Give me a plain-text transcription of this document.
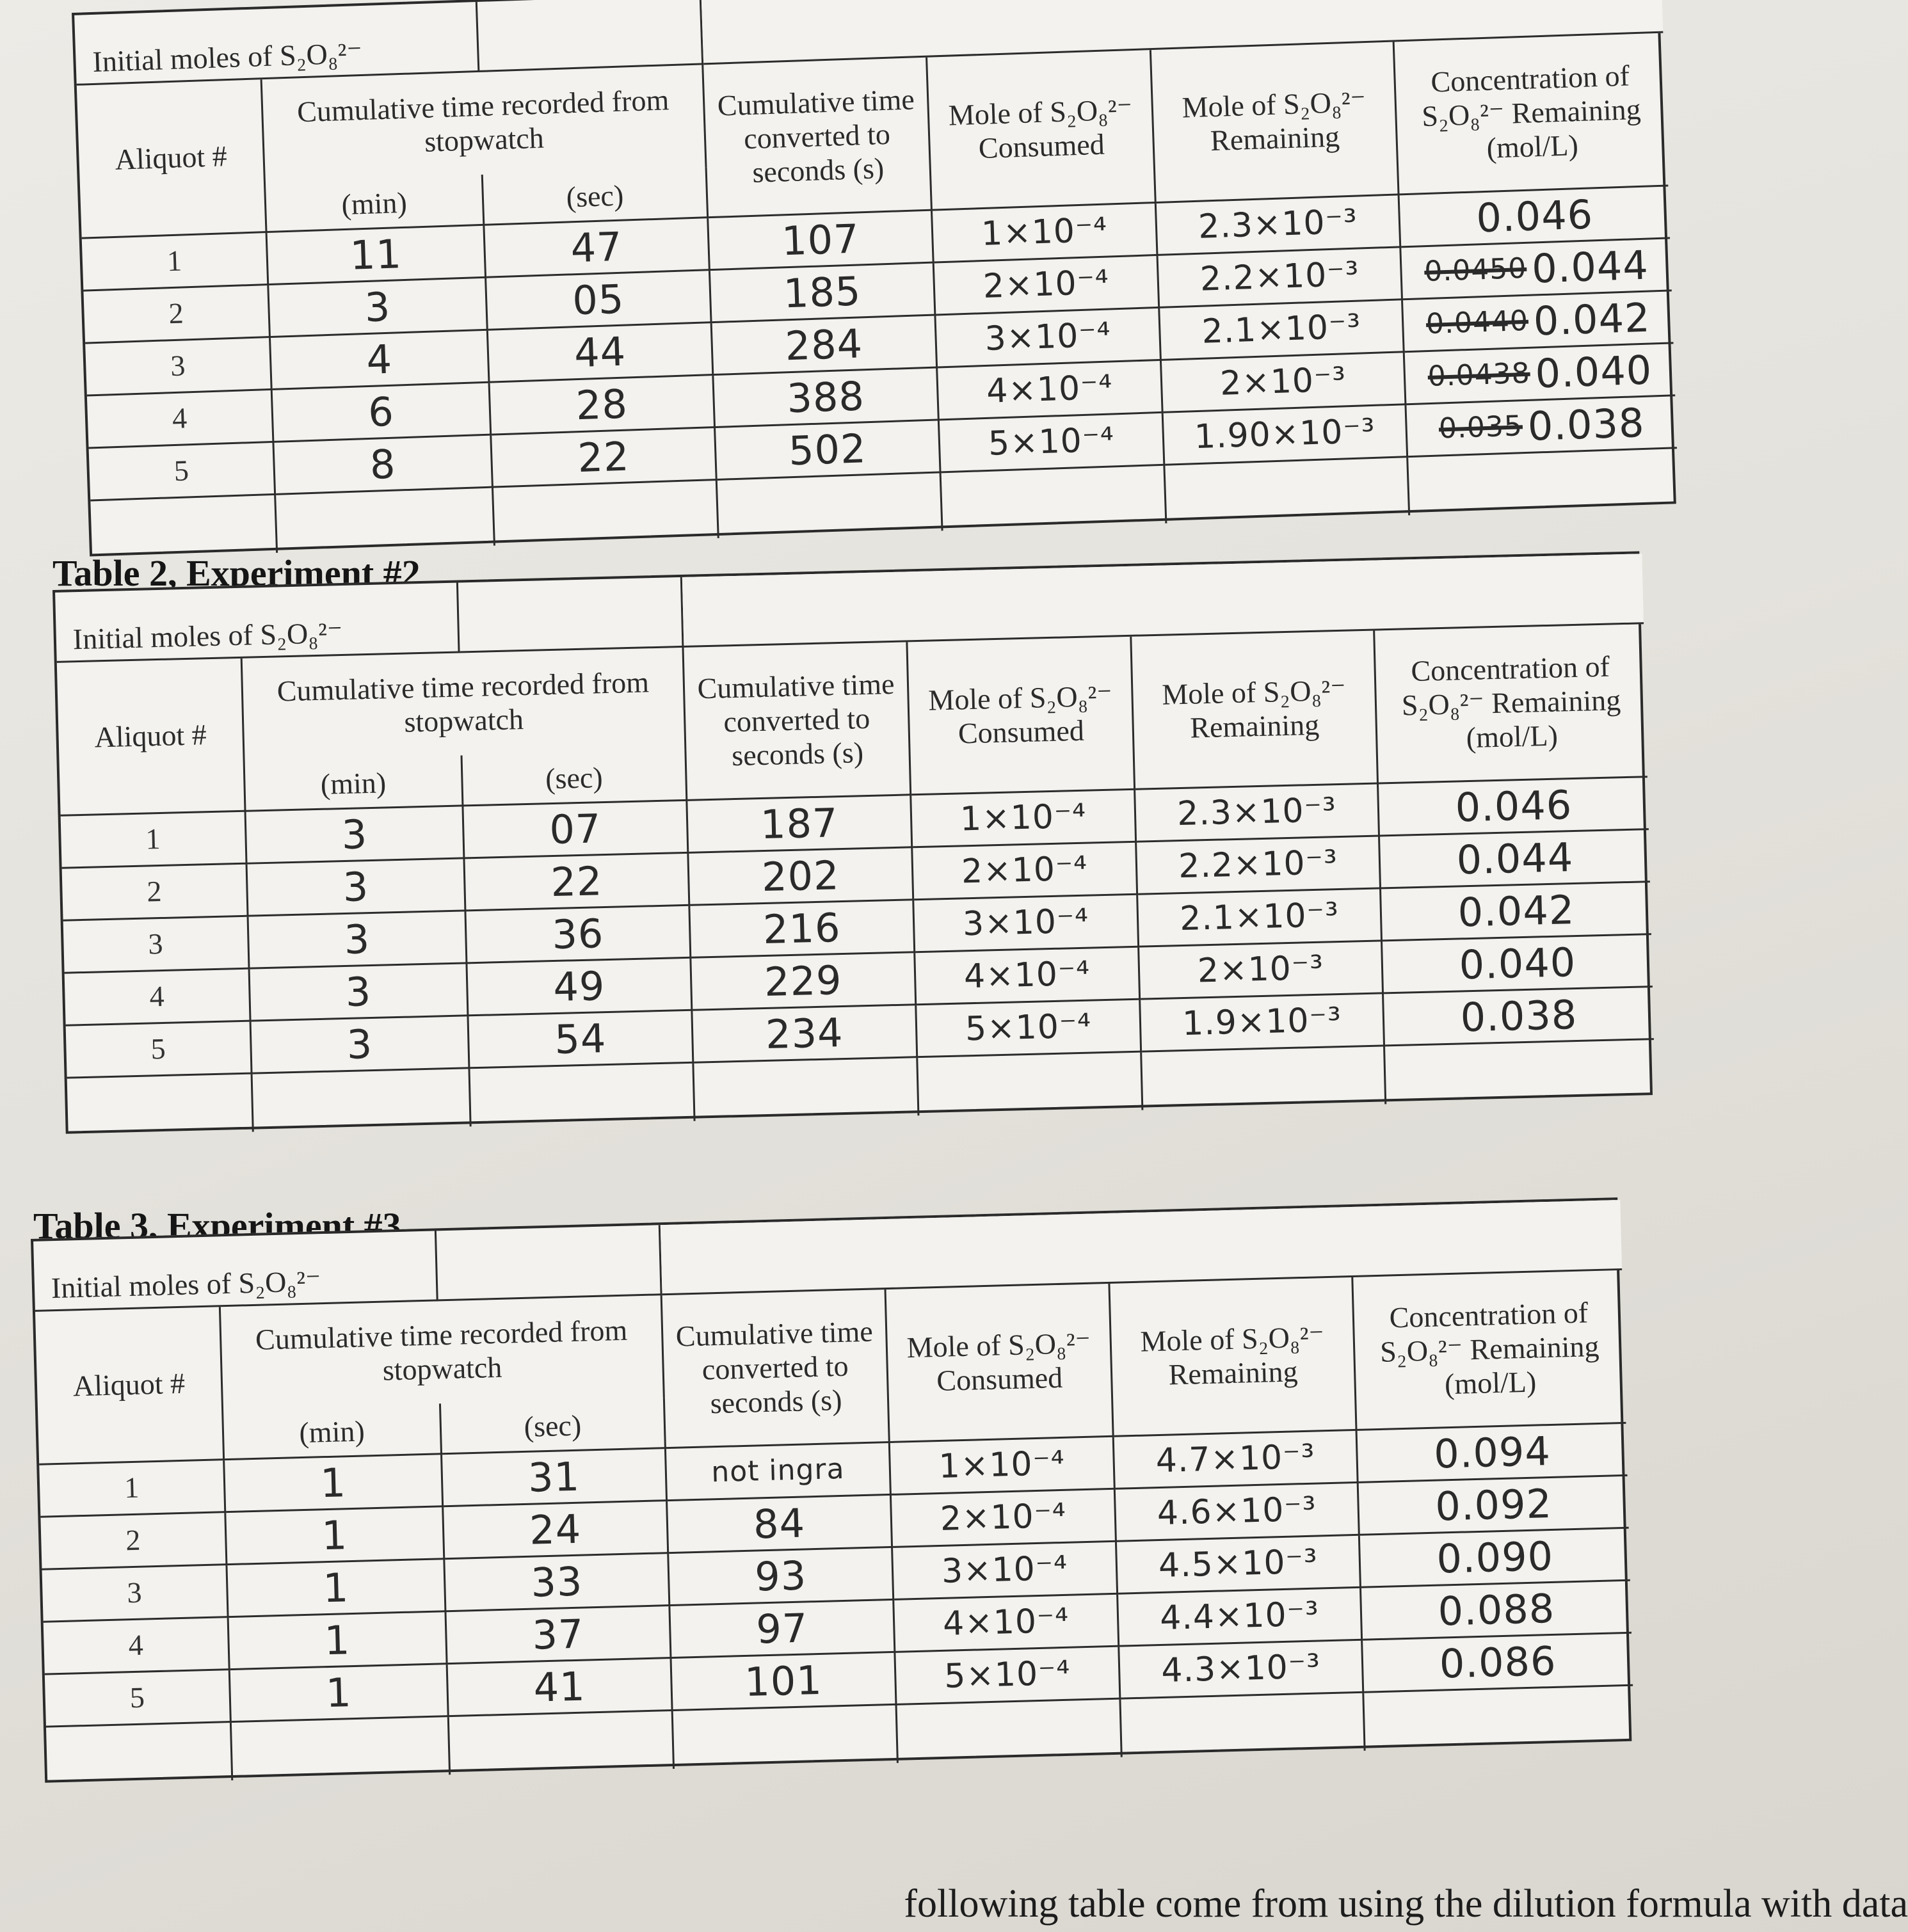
Table 2, Experiment #2
Table 3, Experiment #3
Initial moles of S₂O₈²⁻
Aliquot #
Cumulative time recorded from stopwatch
(min)	(sec)
Cumulative time converted to seconds (s)
Mole of S₂O₈²⁻ Consumed
Mole of S₂O₈²⁻ Remaining
Concentration of S₂O₈²⁻ Remaining (mol/L)
1	11	47	107	1×10⁻⁴	2.3×10⁻³	0.046
2	3	05	185	2×10⁻⁴	2.2×10⁻³	0.0450 0.044
3	4	44	284	3×10⁻⁴	2.1×10⁻³	0.0440 0.042
4	6	28	388	4×10⁻⁴	2×10⁻³	0.0438 0.040
5	8	22	502	5×10⁻⁴	1.90×10⁻³	0.035 0.038
Initial moles of S₂O₈²⁻
Aliquot #
Cumulative time recorded from stopwatch
(min)	(sec)
Cumulative time converted to seconds (s)
Mole of S₂O₈²⁻ Consumed
Mole of S₂O₈²⁻ Remaining
Concentration of S₂O₈²⁻ Remaining (mol/L)
1	3	07	187	1×10⁻⁴	2.3×10⁻³	0.046
2	3	22	202	2×10⁻⁴	2.2×10⁻³	0.044
3	3	36	216	3×10⁻⁴	2.1×10⁻³	0.042
4	3	49	229	4×10⁻⁴	2×10⁻³	0.040
5	3	54	234	5×10⁻⁴	1.9×10⁻³	0.038
Initial moles of S₂O₈²⁻
Aliquot #
Cumulative time recorded from stopwatch
(min)	(sec)
Cumulative time converted to seconds (s)
Mole of S₂O₈²⁻ Consumed
Mole of S₂O₈²⁻ Remaining
Concentration of S₂O₈²⁻ Remaining (mol/L)
1	1	31	not ingra	1×10⁻⁴	4.7×10⁻³	0.094
2	1	24	84	2×10⁻⁴	4.6×10⁻³	0.092
3	1	33	93	3×10⁻⁴	4.5×10⁻³	0.090
4	1	37	97	4×10⁻⁴	4.4×10⁻³	0.088
5	1	41	101	5×10⁻⁴	4.3×10⁻³	0.086
following table come from using the dilution formula with data
